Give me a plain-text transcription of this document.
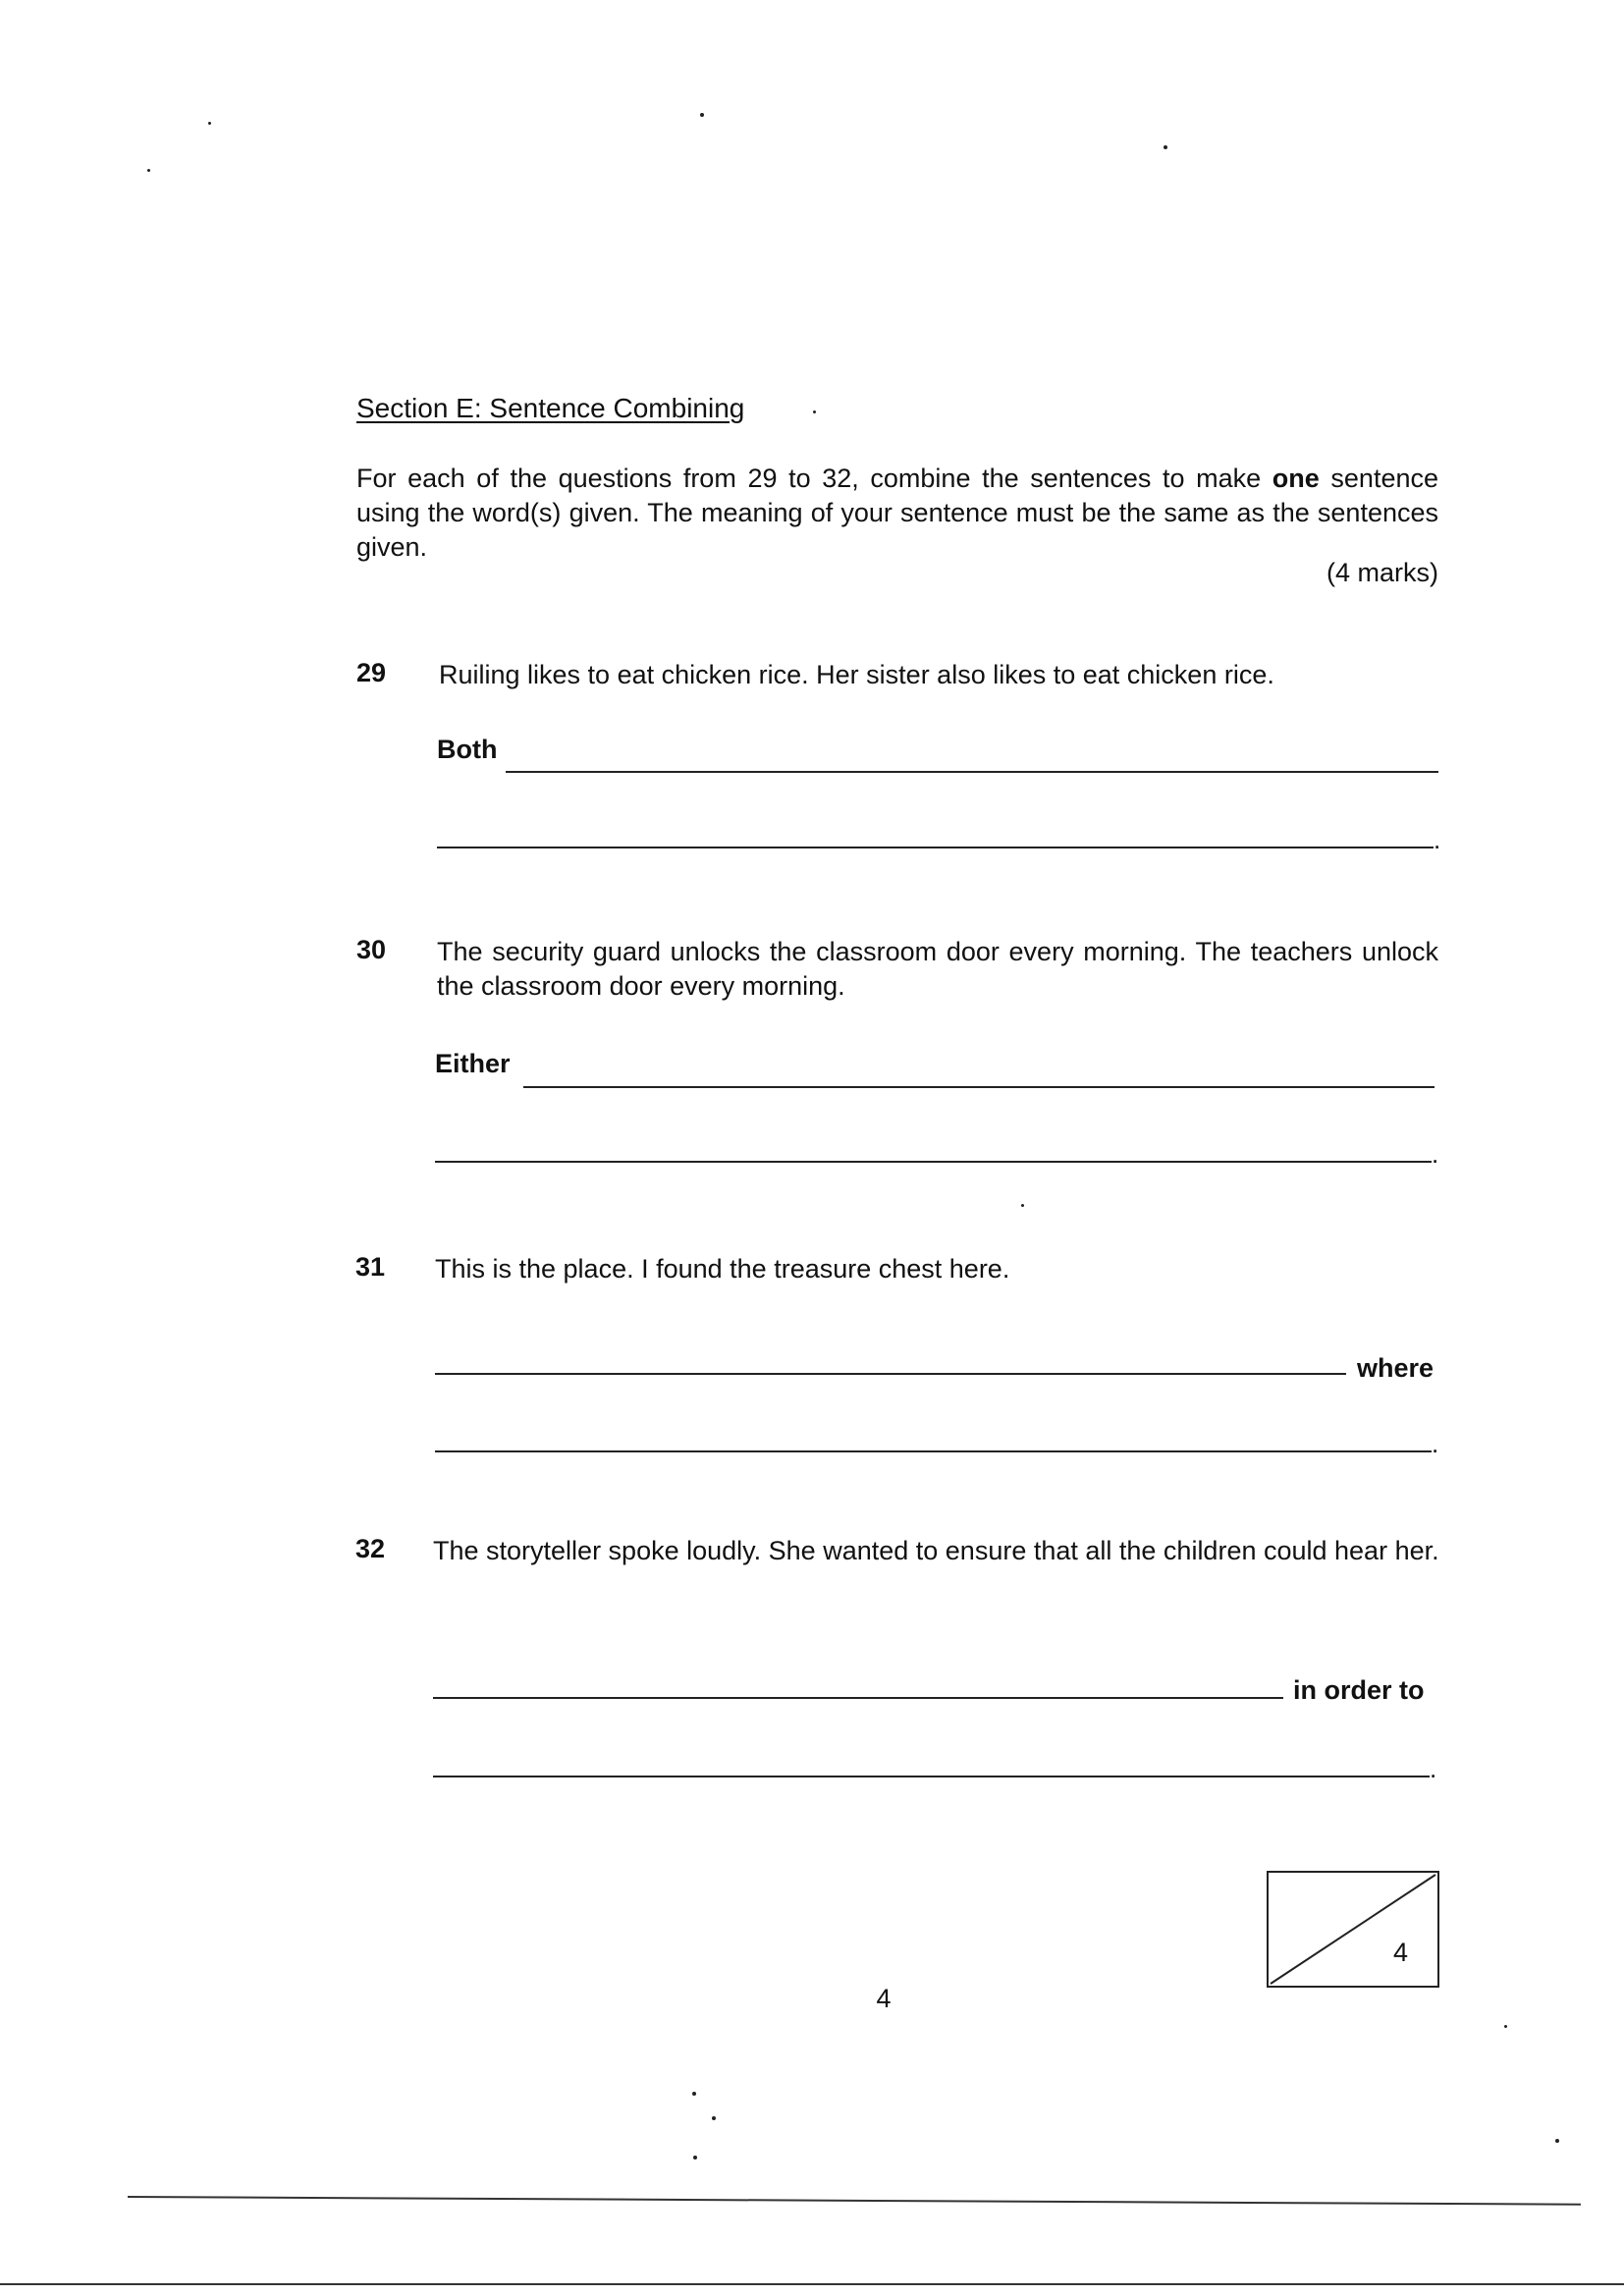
Section E: Sentence Combining
For each of the questions from 29 to 32, combine the sentences to make one sentence using the word(s) given. The meaning of your sentence must be the same as the sentences given.
(4 marks)
29 Ruiling likes to eat chicken rice. Her sister also likes to eat chicken rice.
Both
.
30 The security guard unlocks the classroom door every morning. The teachers unlock the classroom door every morning.
Either
.
31 This is the place. I found the treasure chest here.
where
.
32 The storyteller spoke loudly. She wanted to ensure that all the children could hear her.
in order to
.
4
4
